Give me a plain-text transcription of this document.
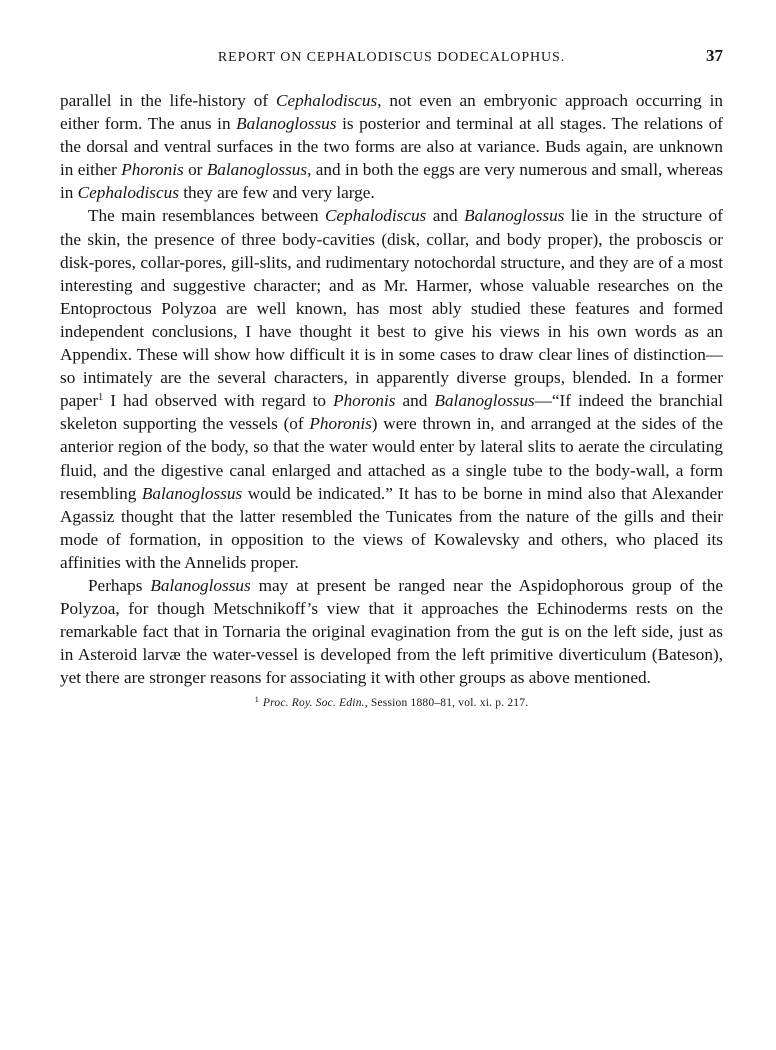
REPORT ON CEPHALODISCUS DODECALOPHUS.	37

parallel in the life-history of Cephalodiscus, not even an embryonic approach occurring in either form. The anus in Balanoglossus is posterior and terminal at all stages. The relations of the dorsal and ventral surfaces in the two forms are also at variance. Buds again, are unknown in either Phoronis or Balanoglossus, and in both the eggs are very numerous and small, whereas in Cephalodiscus they are few and very large.

The main resemblances between Cephalodiscus and Balanoglossus lie in the structure of the skin, the presence of three body-cavities (disk, collar, and body proper), the proboscis or disk-pores, collar-pores, gill-slits, and rudimentary notochordal structure, and they are of a most interesting and suggestive character; and as Mr. Harmer, whose valuable researches on the Entoproctous Polyzoa are well known, has most ably studied these features and formed independent conclusions, I have thought it best to give his views in his own words as an Appendix. These will show how difficult it is in some cases to draw clear lines of distinction—so intimately are the several characters, in apparently diverse groups, blended. In a former paper$^1$ I had observed with regard to Phoronis and Balanoglossus—“If indeed the branchial skeleton supporting the vessels (of Phoronis) were thrown in, and arranged at the sides of the anterior region of the body, so that the water would enter by lateral slits to aerate the circulating fluid, and the digestive canal enlarged and attached as a single tube to the body-wall, a form resembling Balanoglossus would be indicated.” It has to be borne in mind also that Alexander Agassiz thought that the latter resembled the Tunicates from the nature of the gills and their mode of formation, in opposition to the views of Kowalevsky and others, who placed its affinities with the Annelids proper.

Perhaps Balanoglossus may at present be ranged near the Aspidophorous group of the Polyzoa, for though Metschnikoff’s view that it approaches the Echinoderms rests on the remarkable fact that in Tornaria the original evagination from the gut is on the left side, just as in Asteroid larvæ the water-vessel is developed from the left primitive diverticulum (Bateson), yet there are stronger reasons for associating it with other groups as above mentioned.

$^1$ Proc. Roy. Soc. Edin., Session 1880–81, vol. xi. p. 217.
